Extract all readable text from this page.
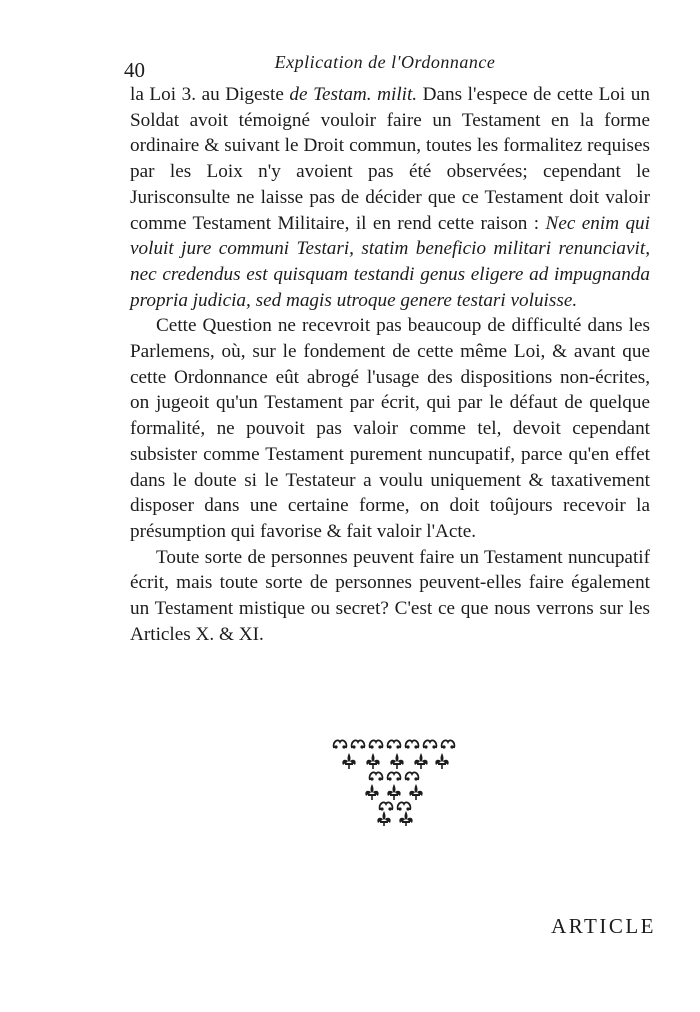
40	Explication de l'Ordonnance

la Loi 3. au Digeste de Testam. milit. Dans l'espece de cette Loi un Soldat avoit témoigné vouloir faire un Testament en la forme ordinaire & suivant le Droit commun, toutes les formalitez requises par les Loix n'y avoient pas été observées; cependant le Jurisconsulte ne laisse pas de décider que ce Testament doit valoir comme Testament Militaire, il en rend cette raison : Nec enim qui voluit jure communi Testari, statim beneficio militari renunciavit, nec credendus est quisquam testandi genus eligere ad impugnanda propria judicia, sed magis utroque genere testari voluisse.

Cette Question ne recevroit pas beaucoup de difficulté dans les Parlemens, où, sur le fondement de cette même Loi, & avant que cette Ordonnance eût abrogé l'usage des dispositions non-écrites, on jugeoit qu'un Testament par écrit, qui par le défaut de quelque formalité, ne pouvoit pas valoir comme tel, devoit cependant subsister comme Testament purement nuncupatif, parce qu'en effet dans le doute si le Testateur a voulu uniquement & taxativement disposer dans une certaine forme, on doit toûjours recevoir la présumption qui favorise & fait valoir l'Acte.

Toute sorte de personnes peuvent faire un Testament nuncupatif écrit, mais toute sorte de personnes peuvent-elles faire également un Testament mistique ou secret? C'est ce que nous verrons sur les Articles X. & XI.

ARTICLE
